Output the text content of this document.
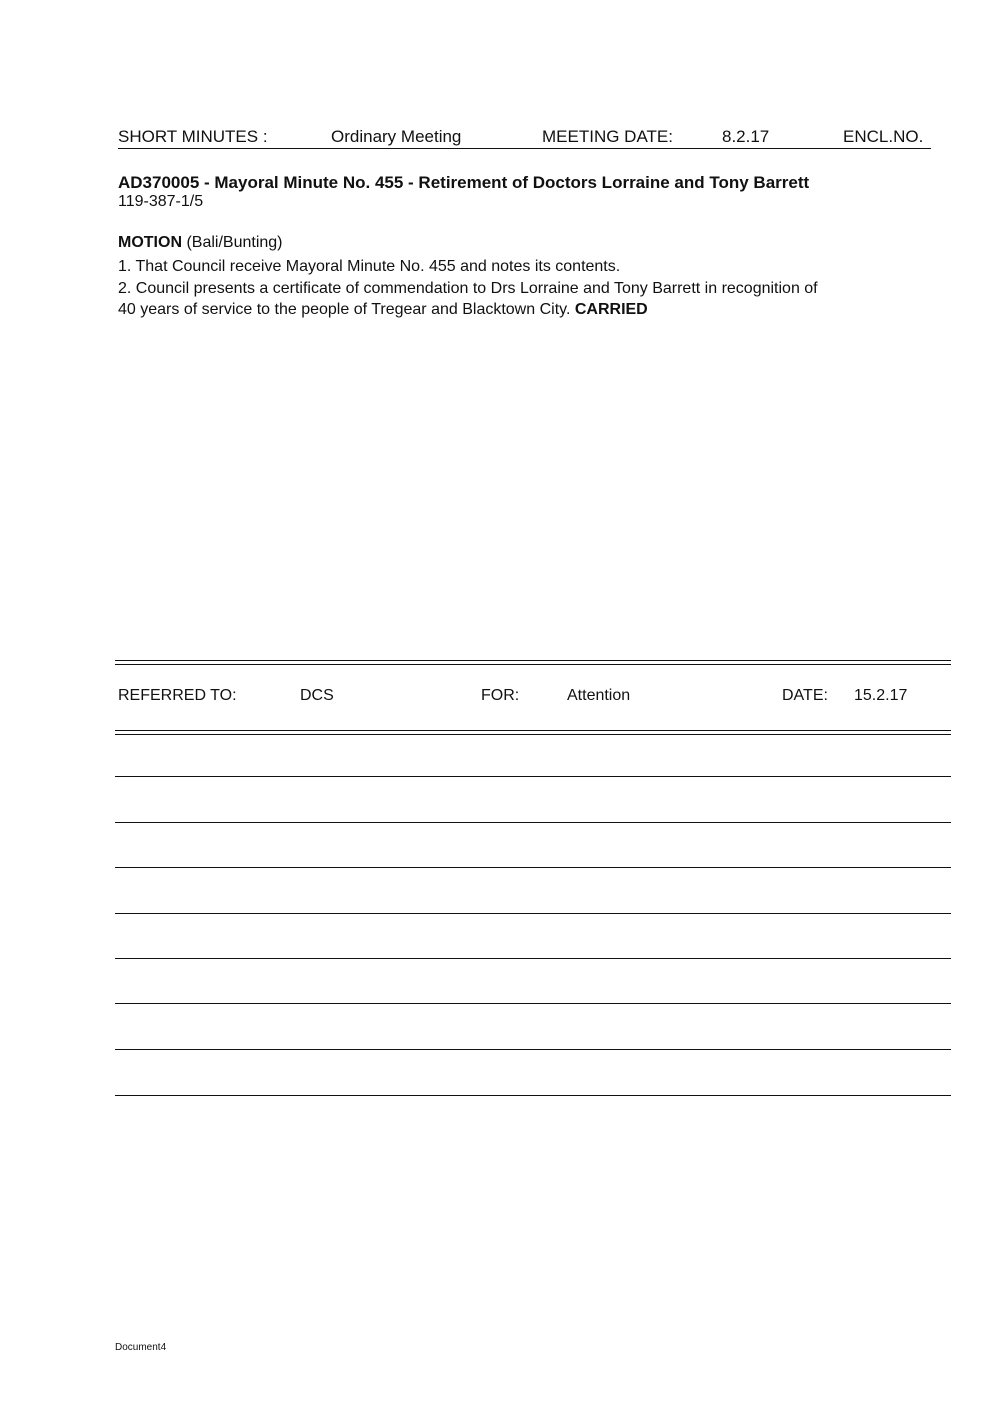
SHORT MINUTES :	Ordinary Meeting	MEETING DATE:	8.2.17	ENCL.NO.
AD370005 - Mayoral Minute No. 455 - Retirement of Doctors Lorraine and Tony Barrett
119-387-1/5
MOTION (Bali/Bunting)
1. That Council receive Mayoral Minute No. 455 and notes its contents.
2. Council presents a certificate of commendation to Drs Lorraine and Tony Barrett in recognition of
40 years of service to the people of Tregear and Blacktown City. CARRIED
REFERRED TO:	DCS	FOR:	Attention	DATE: 15.2.17
Document4
